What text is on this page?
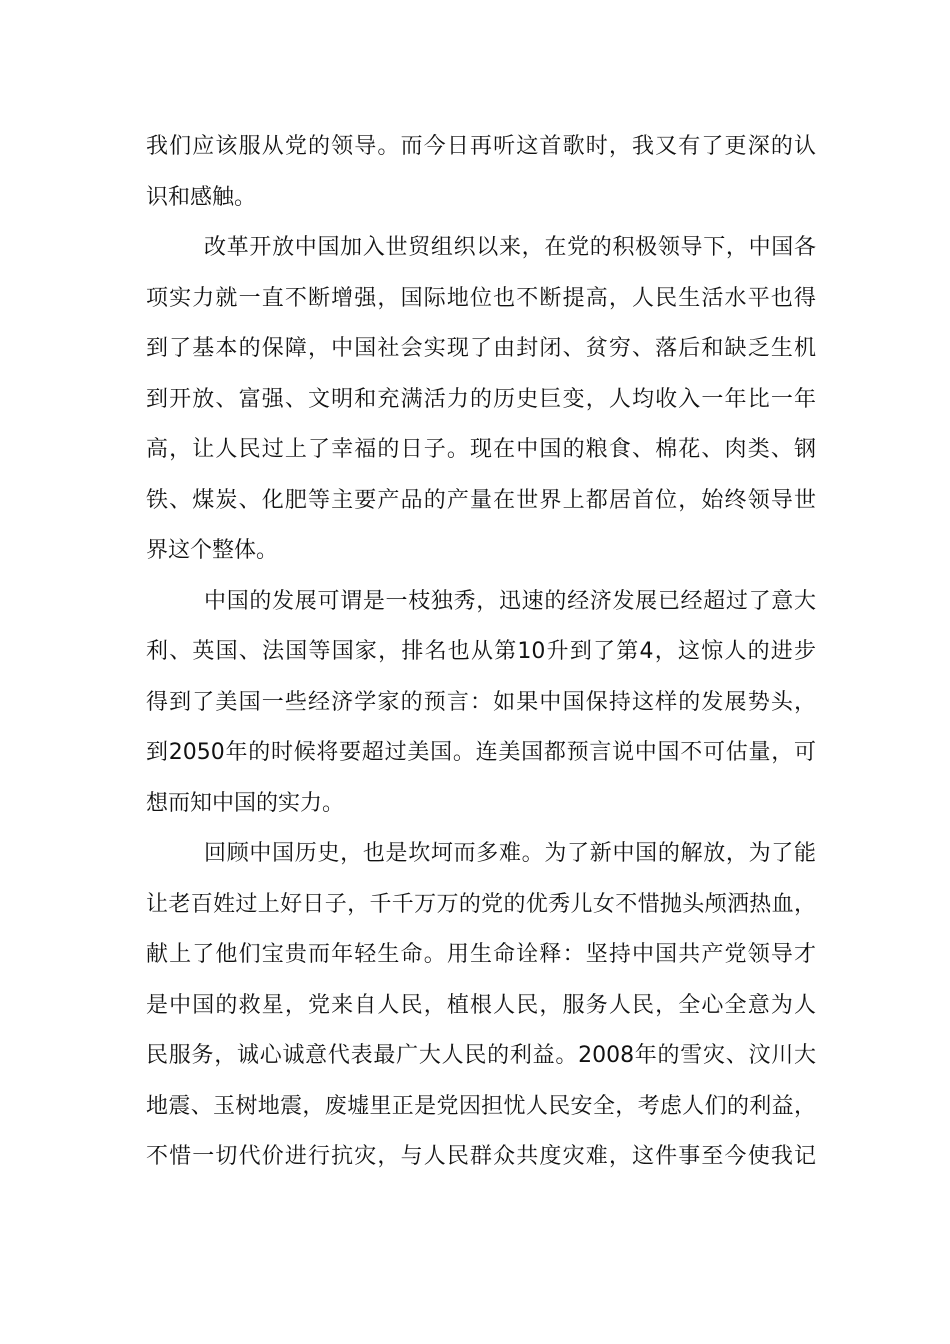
我们应该服从党的领导。而今日再听这首歌时，我又有了更深的认
识和感触。
改革开放中国加入世贸组织以来，在党的积极领导下，中国各
项实力就一直不断增强，国际地位也不断提高，人民生活水平也得
到了基本的保障，中国社会实现了由封闭、贫穷、落后和缺乏生机
到开放、富强、文明和充满活力的历史巨变，人均收入一年比一年
高，让人民过上了幸福的日子。现在中国的粮食、棉花、肉类、钢
铁、煤炭、化肥等主要产品的产量在世界上都居首位，始终领导世
界这个整体。
中国的发展可谓是一枝独秀，迅速的经济发展已经超过了意大
利、英国、法国等国家，排名也从第10升到了第4，这惊人的进步
得到了美国一些经济学家的预言：如果中国保持这样的发展势头，
到2050年的时候将要超过美国。连美国都预言说中国不可估量，可
想而知中国的实力。
回顾中国历史，也是坎坷而多难。为了新中国的解放，为了能
让老百姓过上好日子，千千万万的党的优秀儿女不惜抛头颅洒热血，
献上了他们宝贵而年轻生命。用生命诠释：坚持中国共产党领导才
是中国的救星，党来自人民，植根人民，服务人民，全心全意为人
民服务，诚心诚意代表最广大人民的利益。2008年的雪灾、汶川大
地震、玉树地震，废墟里正是党因担忧人民安全，考虑人们的利益，
不惜一切代价进行抗灾，与人民群众共度灾难，这件事至今使我记
